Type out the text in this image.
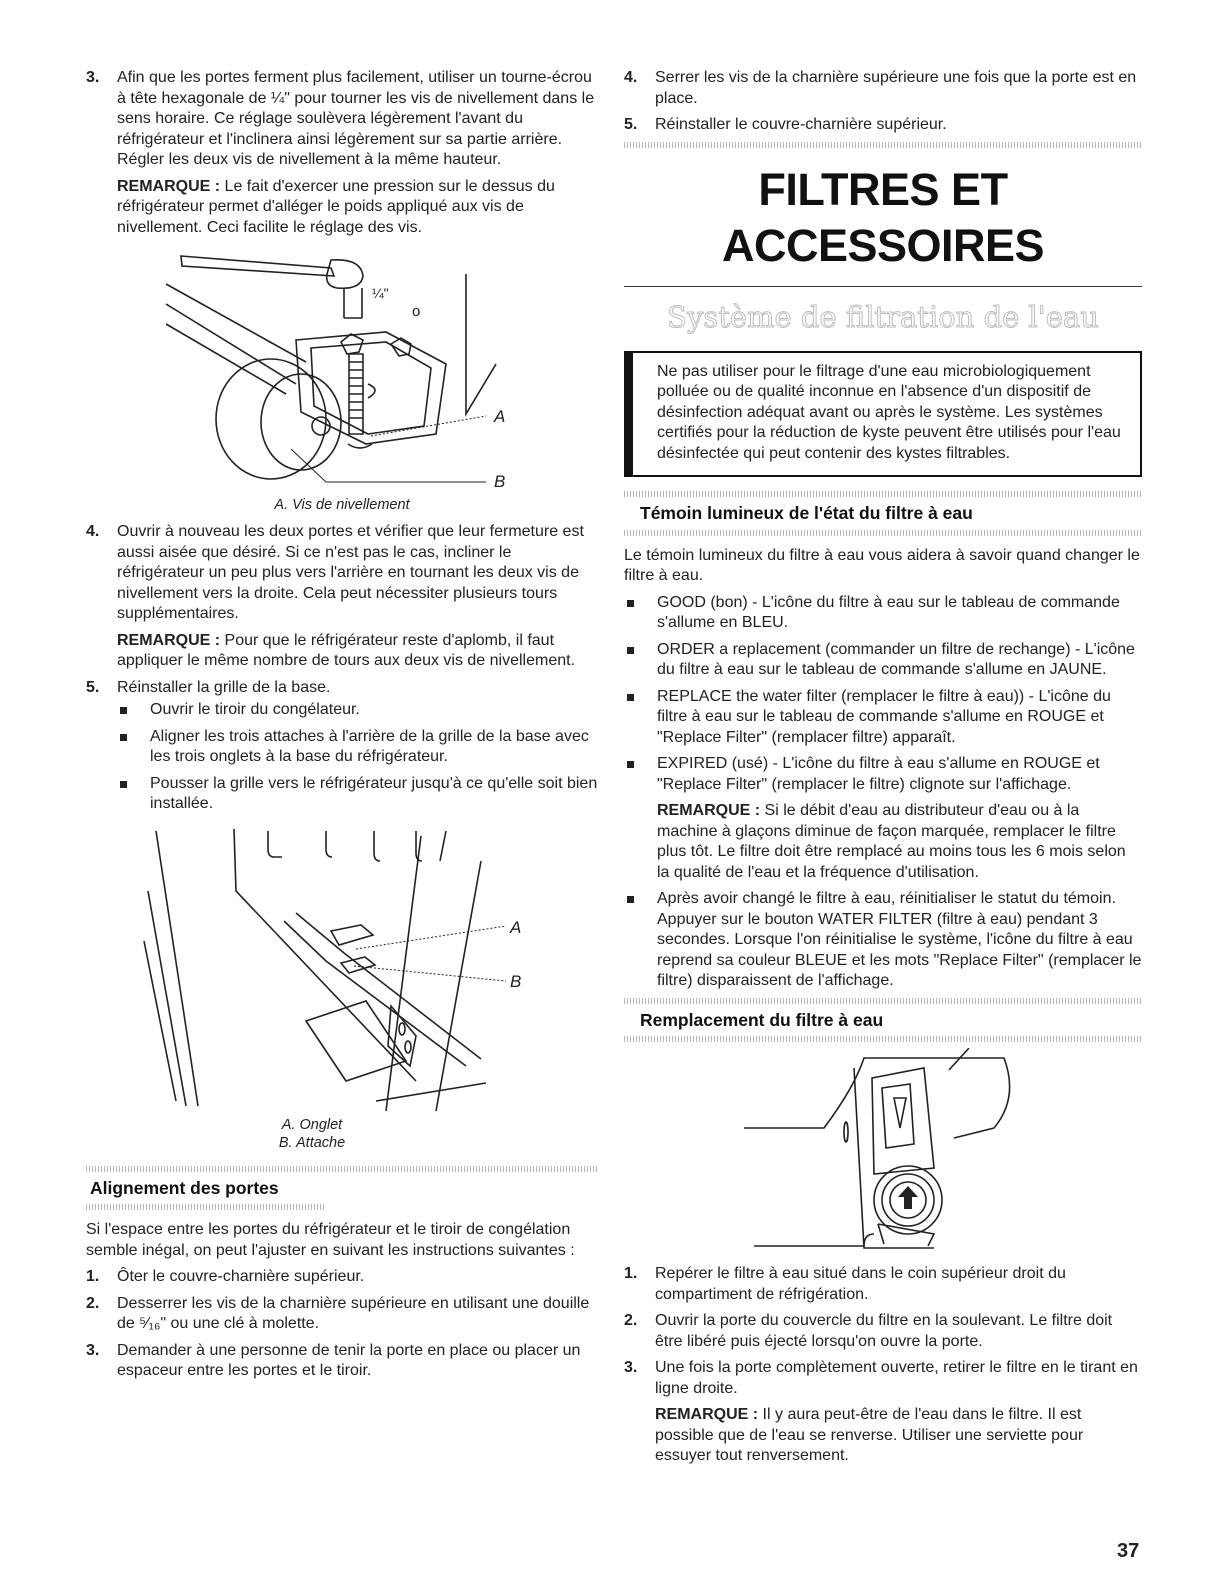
3.	Afin que les portes ferment plus facilement, utiliser un tourne-écrou à tête hexagonale de ¼" pour tourner les vis de nivellement dans le sens horaire. Ce réglage soulèvera légèrement l'avant du réfrigérateur et l'inclinera ainsi légèrement sur sa partie arrière. Régler les deux vis de nivellement à la même hauteur.

REMARQUE : Le fait d'exercer une pression sur le dessus du réfrigérateur permet d'alléger le poids appliqué aux vis de nivellement. Ceci facilite le réglage des vis.

¼"
o
A
B
A. Vis de nivellement
4.	Ouvrir à nouveau les deux portes et vérifier que leur fermeture est aussi aisée que désiré. Si ce n'est pas le cas, incliner le réfrigérateur un peu plus vers l'arrière en tournant les deux vis de nivellement vers la droite. Cela peut nécessiter plusieurs tours supplémentaires.

REMARQUE : Pour que le réfrigérateur reste d'aplomb, il faut appliquer le même nombre de tours aux deux vis de nivellement.

5.	Réinstaller la grille de la base.
Ouvrir le tiroir du congélateur.
Aligner les trois attaches à l'arrière de la grille de la base avec les trois onglets à la base du réfrigérateur.
Pousser la grille vers le réfrigérateur jusqu'à ce qu'elle soit bien installée.
A
B
A. Onglet
B. Attache
Alignement des portes

Si l'espace entre les portes du réfrigérateur et le tiroir de congélation semble inégal, on peut l'ajuster en suivant les instructions suivantes :

1.	Ôter le couvre-charnière supérieur.
2.	Desserrer les vis de la charnière supérieure en utilisant une douille de ⁵⁄₁₆" ou une clé à molette.
3.	Demander à une personne de tenir la porte en place ou placer un espaceur entre les portes et le tiroir.
4.	Serrer les vis de la charnière supérieure une fois que la porte est en place.
5.	Réinstaller le couvre-charnière supérieur.
FILTRES ET ACCESSOIRES
Système de filtration de l'eau

Ne pas utiliser pour le filtrage d'une eau microbiologiquement polluée ou de qualité inconnue en l'absence d'un dispositif de désinfection adéquat avant ou après le système. Les systèmes certifiés pour la réduction de kyste peuvent être utilisés pour l'eau désinfectée qui peut contenir des kystes filtrables.

Témoin lumineux de l'état du filtre à eau

Le témoin lumineux du filtre à eau vous aidera à savoir quand changer le filtre à eau.

GOOD (bon) - L'icône du filtre à eau sur le tableau de commande s'allume en BLEU.
ORDER a replacement (commander un filtre de rechange) - L'icône du filtre à eau sur le tableau de commande s'allume en JAUNE.
REPLACE the water filter (remplacer le filtre à eau)) - L'icône du filtre à eau sur le tableau de commande s'allume en ROUGE et "Replace Filter" (remplacer filtre) apparaît.
EXPIRED (usé) - L'icône du filtre à eau s'allume en ROUGE et "Replace Filter" (remplacer le filtre) clignote sur l'affichage.

REMARQUE : Si le débit d'eau au distributeur d'eau ou à la machine à glaçons diminue de façon marquée, remplacer le filtre plus tôt. Le filtre doit être remplacé au moins tous les 6 mois selon la qualité de l'eau et la fréquence d'utilisation.

Après avoir changé le filtre à eau, réinitialiser le statut du témoin. Appuyer sur le bouton WATER FILTER (filtre à eau) pendant 3 secondes. Lorsque l'on réinitialise le système, l'icône du filtre à eau reprend sa couleur BLEUE et les mots "Replace Filter" (remplacer le filtre) disparaissent de l'affichage.
Remplacement du filtre à eau
1.	Repérer le filtre à eau situé dans le coin supérieur droit du compartiment de réfrigération.
2.	Ouvrir la porte du couvercle du filtre en la soulevant. Le filtre doit être libéré puis éjecté lorsqu'on ouvre la porte.
3.	Une fois la porte complètement ouverte, retirer le filtre en le tirant en ligne droite.

REMARQUE : Il y aura peut-être de l'eau dans le filtre. Il est possible que de l'eau se renverse. Utiliser une serviette pour essuyer tout renversement.

37
